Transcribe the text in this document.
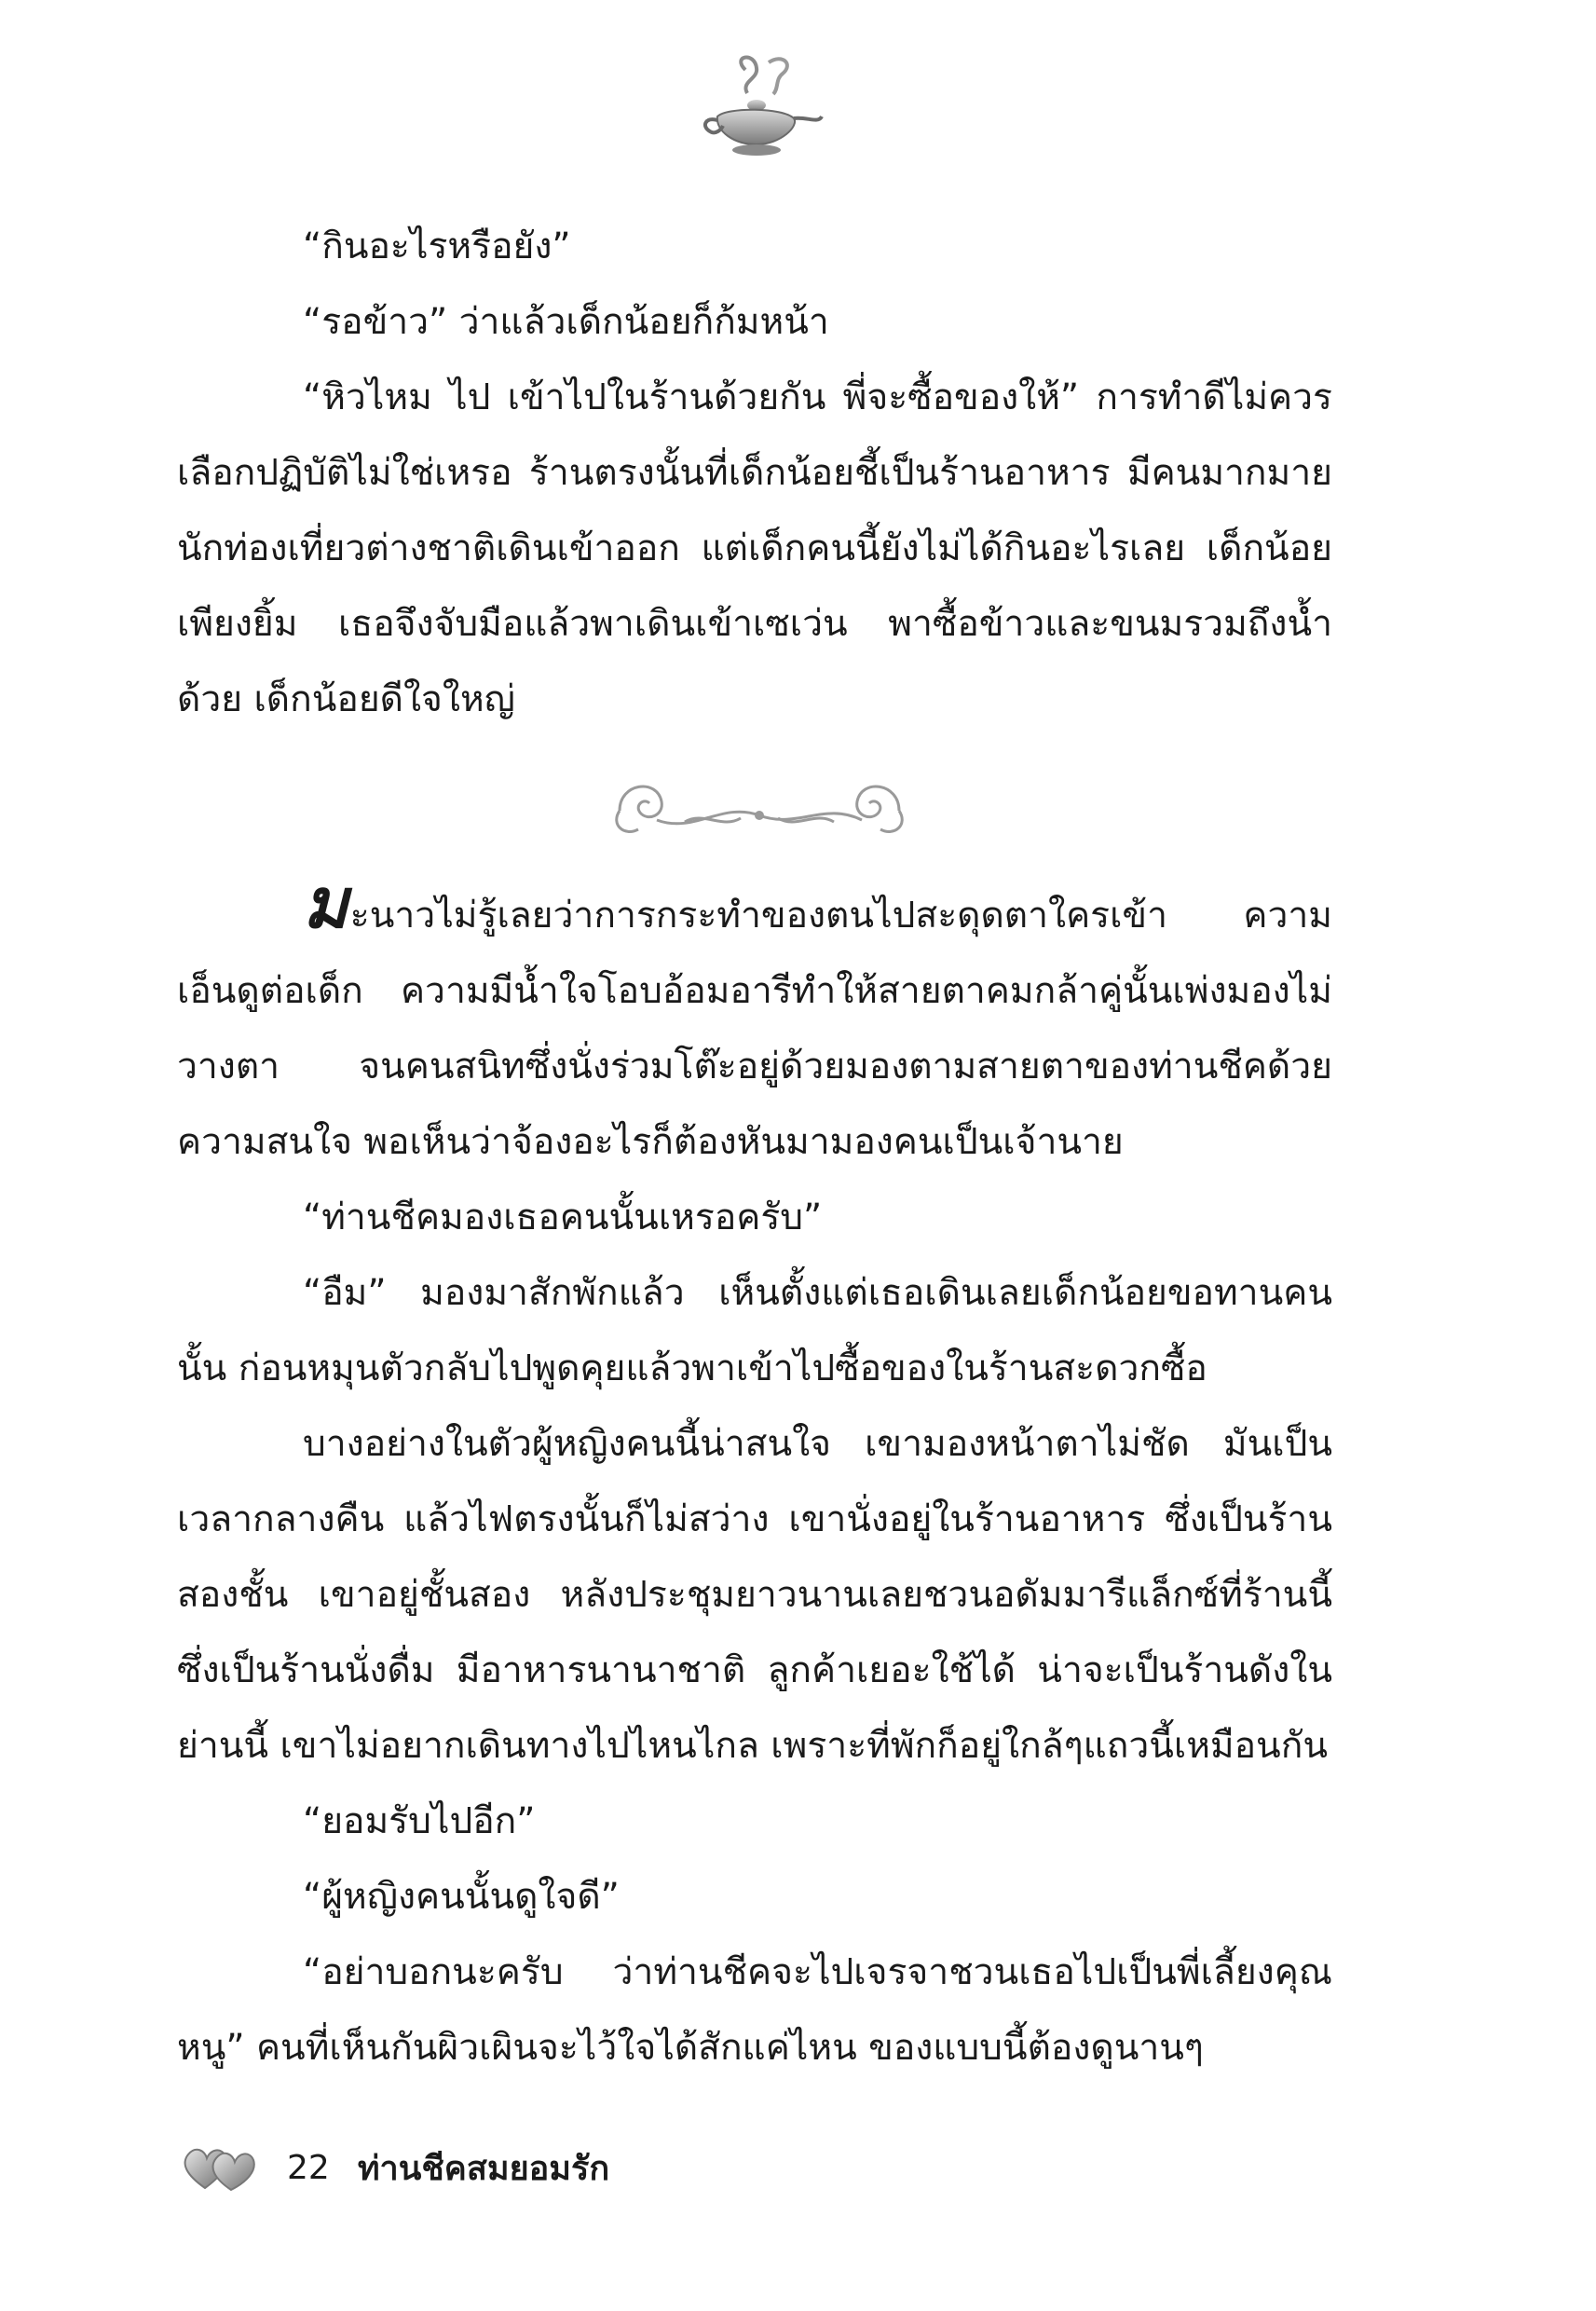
“กินอะไรหรือยัง”

“รอข้าว” ว่าแล้วเด็กน้อยก็ก้มหน้า

“หิวไหม ไป เข้าไปในร้านด้วยกัน พี่จะซื้อของให้” การทำดีไม่ควรเลือกปฏิบัติไม่ใช่เหรอ ร้านตรงนั้นที่เด็กน้อยชี้เป็นร้านอาหาร มีคนมากมาย นักท่องเที่ยวต่างชาติเดินเข้าออก แต่เด็กคนนี้ยังไม่ได้กินอะไรเลย เด็กน้อยเพียงยิ้ม เธอจึงจับมือแล้วพาเดินเข้าเซเว่น พาซื้อข้าวและขนมรวมถึงน้ำด้วย เด็กน้อยดีใจใหญ่

มะนาวไม่รู้เลยว่าการกระทำของตนไปสะดุดตาใครเข้า ความเอ็นดูต่อเด็ก ความมีน้ำใจโอบอ้อมอารีทำให้สายตาคมกล้าคู่นั้นเพ่งมองไม่วางตา จนคนสนิทซึ่งนั่งร่วมโต๊ะอยู่ด้วยมองตามสายตาของท่านชีคด้วยความสนใจ พอเห็นว่าจ้องอะไรก็ต้องหันมามองคนเป็นเจ้านาย

“ท่านชีคมองเธอคนนั้นเหรอครับ”

“อืม” มองมาสักพักแล้ว เห็นตั้งแต่เธอเดินเลยเด็กน้อยขอทานคนนั้น ก่อนหมุนตัวกลับไปพูดคุยแล้วพาเข้าไปซื้อของในร้านสะดวกซื้อ

บางอย่างในตัวผู้หญิงคนนี้น่าสนใจ เขามองหน้าตาไม่ชัด มันเป็นเวลากลางคืน แล้วไฟตรงนั้นก็ไม่สว่าง เขานั่งอยู่ในร้านอาหาร ซึ่งเป็นร้านสองชั้น เขาอยู่ชั้นสอง หลังประชุมยาวนานเลยชวนอดัมมารีแล็กซ์ที่ร้านนี้ ซึ่งเป็นร้านนั่งดื่ม มีอาหารนานาชาติ ลูกค้าเยอะใช้ได้ น่าจะเป็นร้านดังในย่านนี้ เขาไม่อยากเดินทางไปไหนไกล เพราะที่พักก็อยู่ใกล้ๆแถวนี้เหมือนกัน

“ยอมรับไปอีก”

“ผู้หญิงคนนั้นดูใจดี”

“อย่าบอกนะครับ ว่าท่านชีคจะไปเจรจาชวนเธอไปเป็นพี่เลี้ยงคุณหนู” คนที่เห็นกันผิวเผินจะไว้ใจได้สักแค่ไหน ของแบบนี้ต้องดูนานๆ

22 ท่านชีคสมยอมรัก
